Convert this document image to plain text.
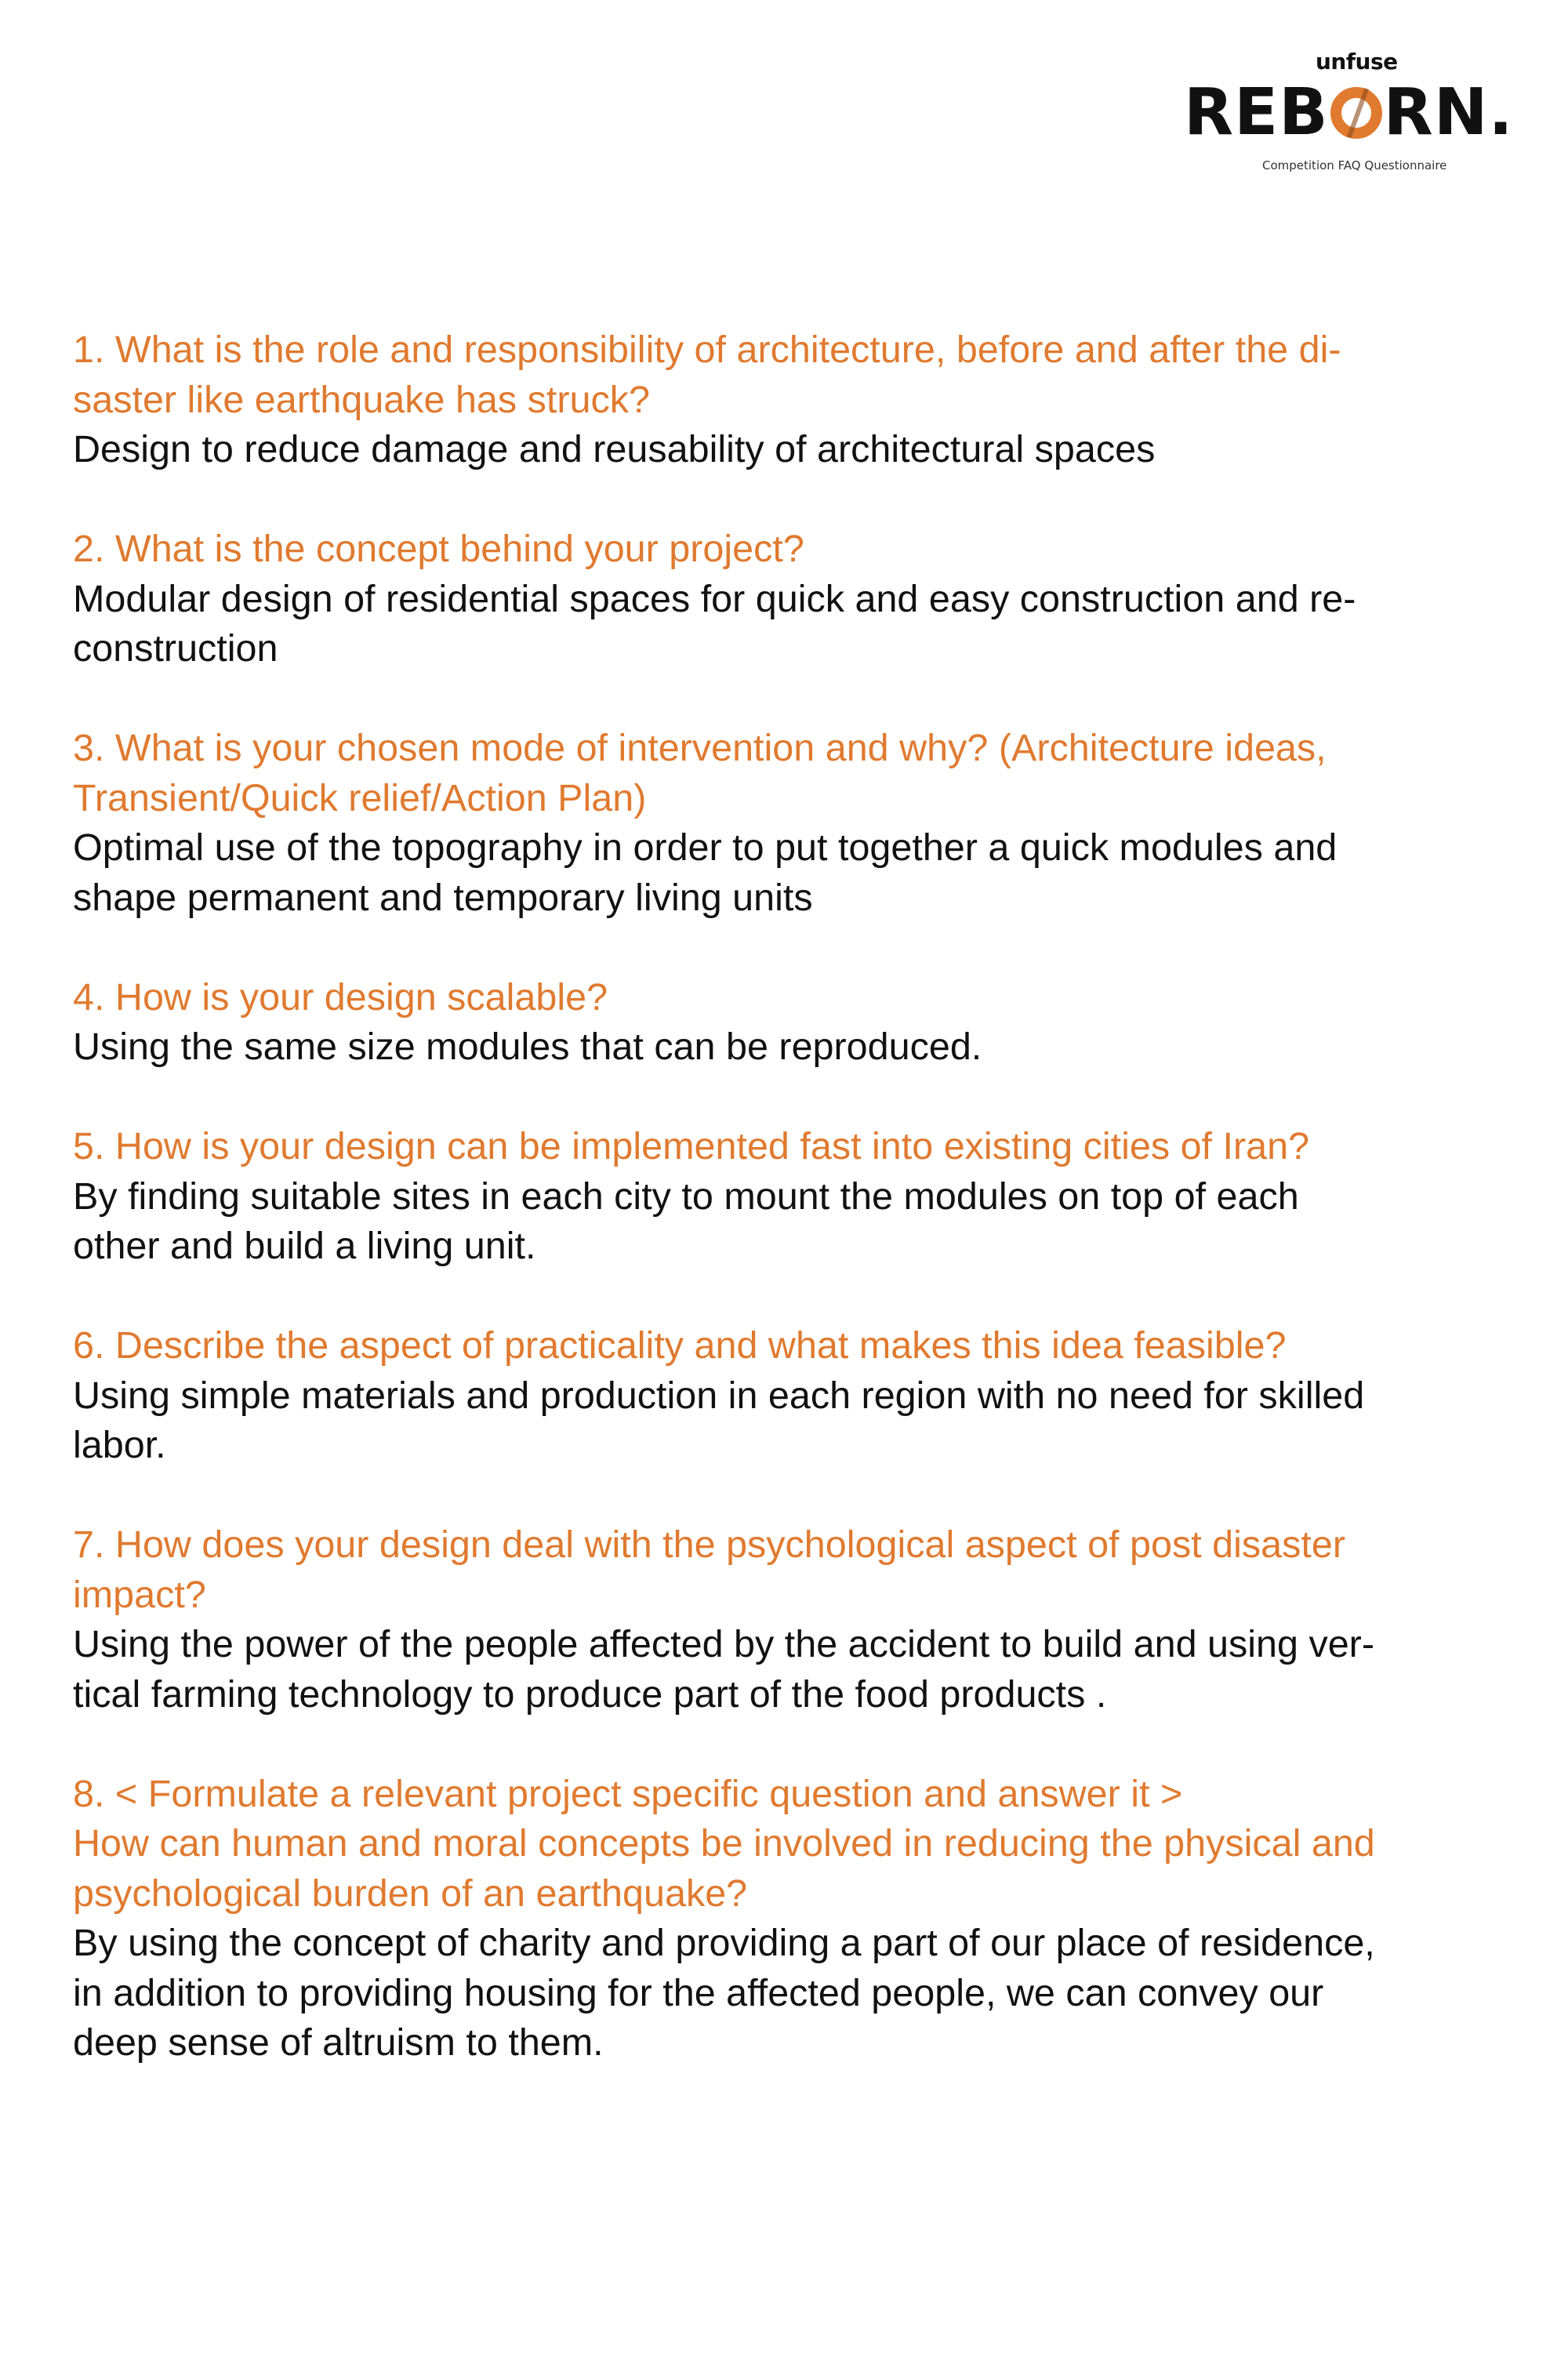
unfuse
REB RN.
Competition FAQ Questionnaire
1. What is the role and responsibility of architecture, before and after the di-
saster like earthquake has struck?
Design to reduce damage and reusability of architectural spaces
2. What is the concept behind your project?
Modular design of residential spaces for quick and easy construction and re-
construction
3. What is your chosen mode of intervention and why? (Architecture ideas,
Transient/Quick relief/Action Plan)
Optimal use of the topography in order to put together a quick modules and
shape permanent and temporary living units
4. How is your design scalable?
Using the same size modules that can be reproduced.
5. How is your design can be implemented fast into existing cities of Iran?
By finding suitable sites in each city to mount the modules on top of each
other and build a living unit.
6. Describe the aspect of practicality and what makes this idea feasible?
Using simple materials and production in each region with no need for skilled
labor.
7. How does your design deal with the psychological aspect of post disaster
impact?
Using the power of the people affected by the accident to build and using ver-
tical farming technology to produce part of the food products .
8. < Formulate a relevant project specific question and answer it >
How can human and moral concepts be involved in reducing the physical and
psychological burden of an earthquake?
By using the concept of charity and providing a part of our place of residence,
in addition to providing housing for the affected people, we can convey our
deep sense of altruism to them.
